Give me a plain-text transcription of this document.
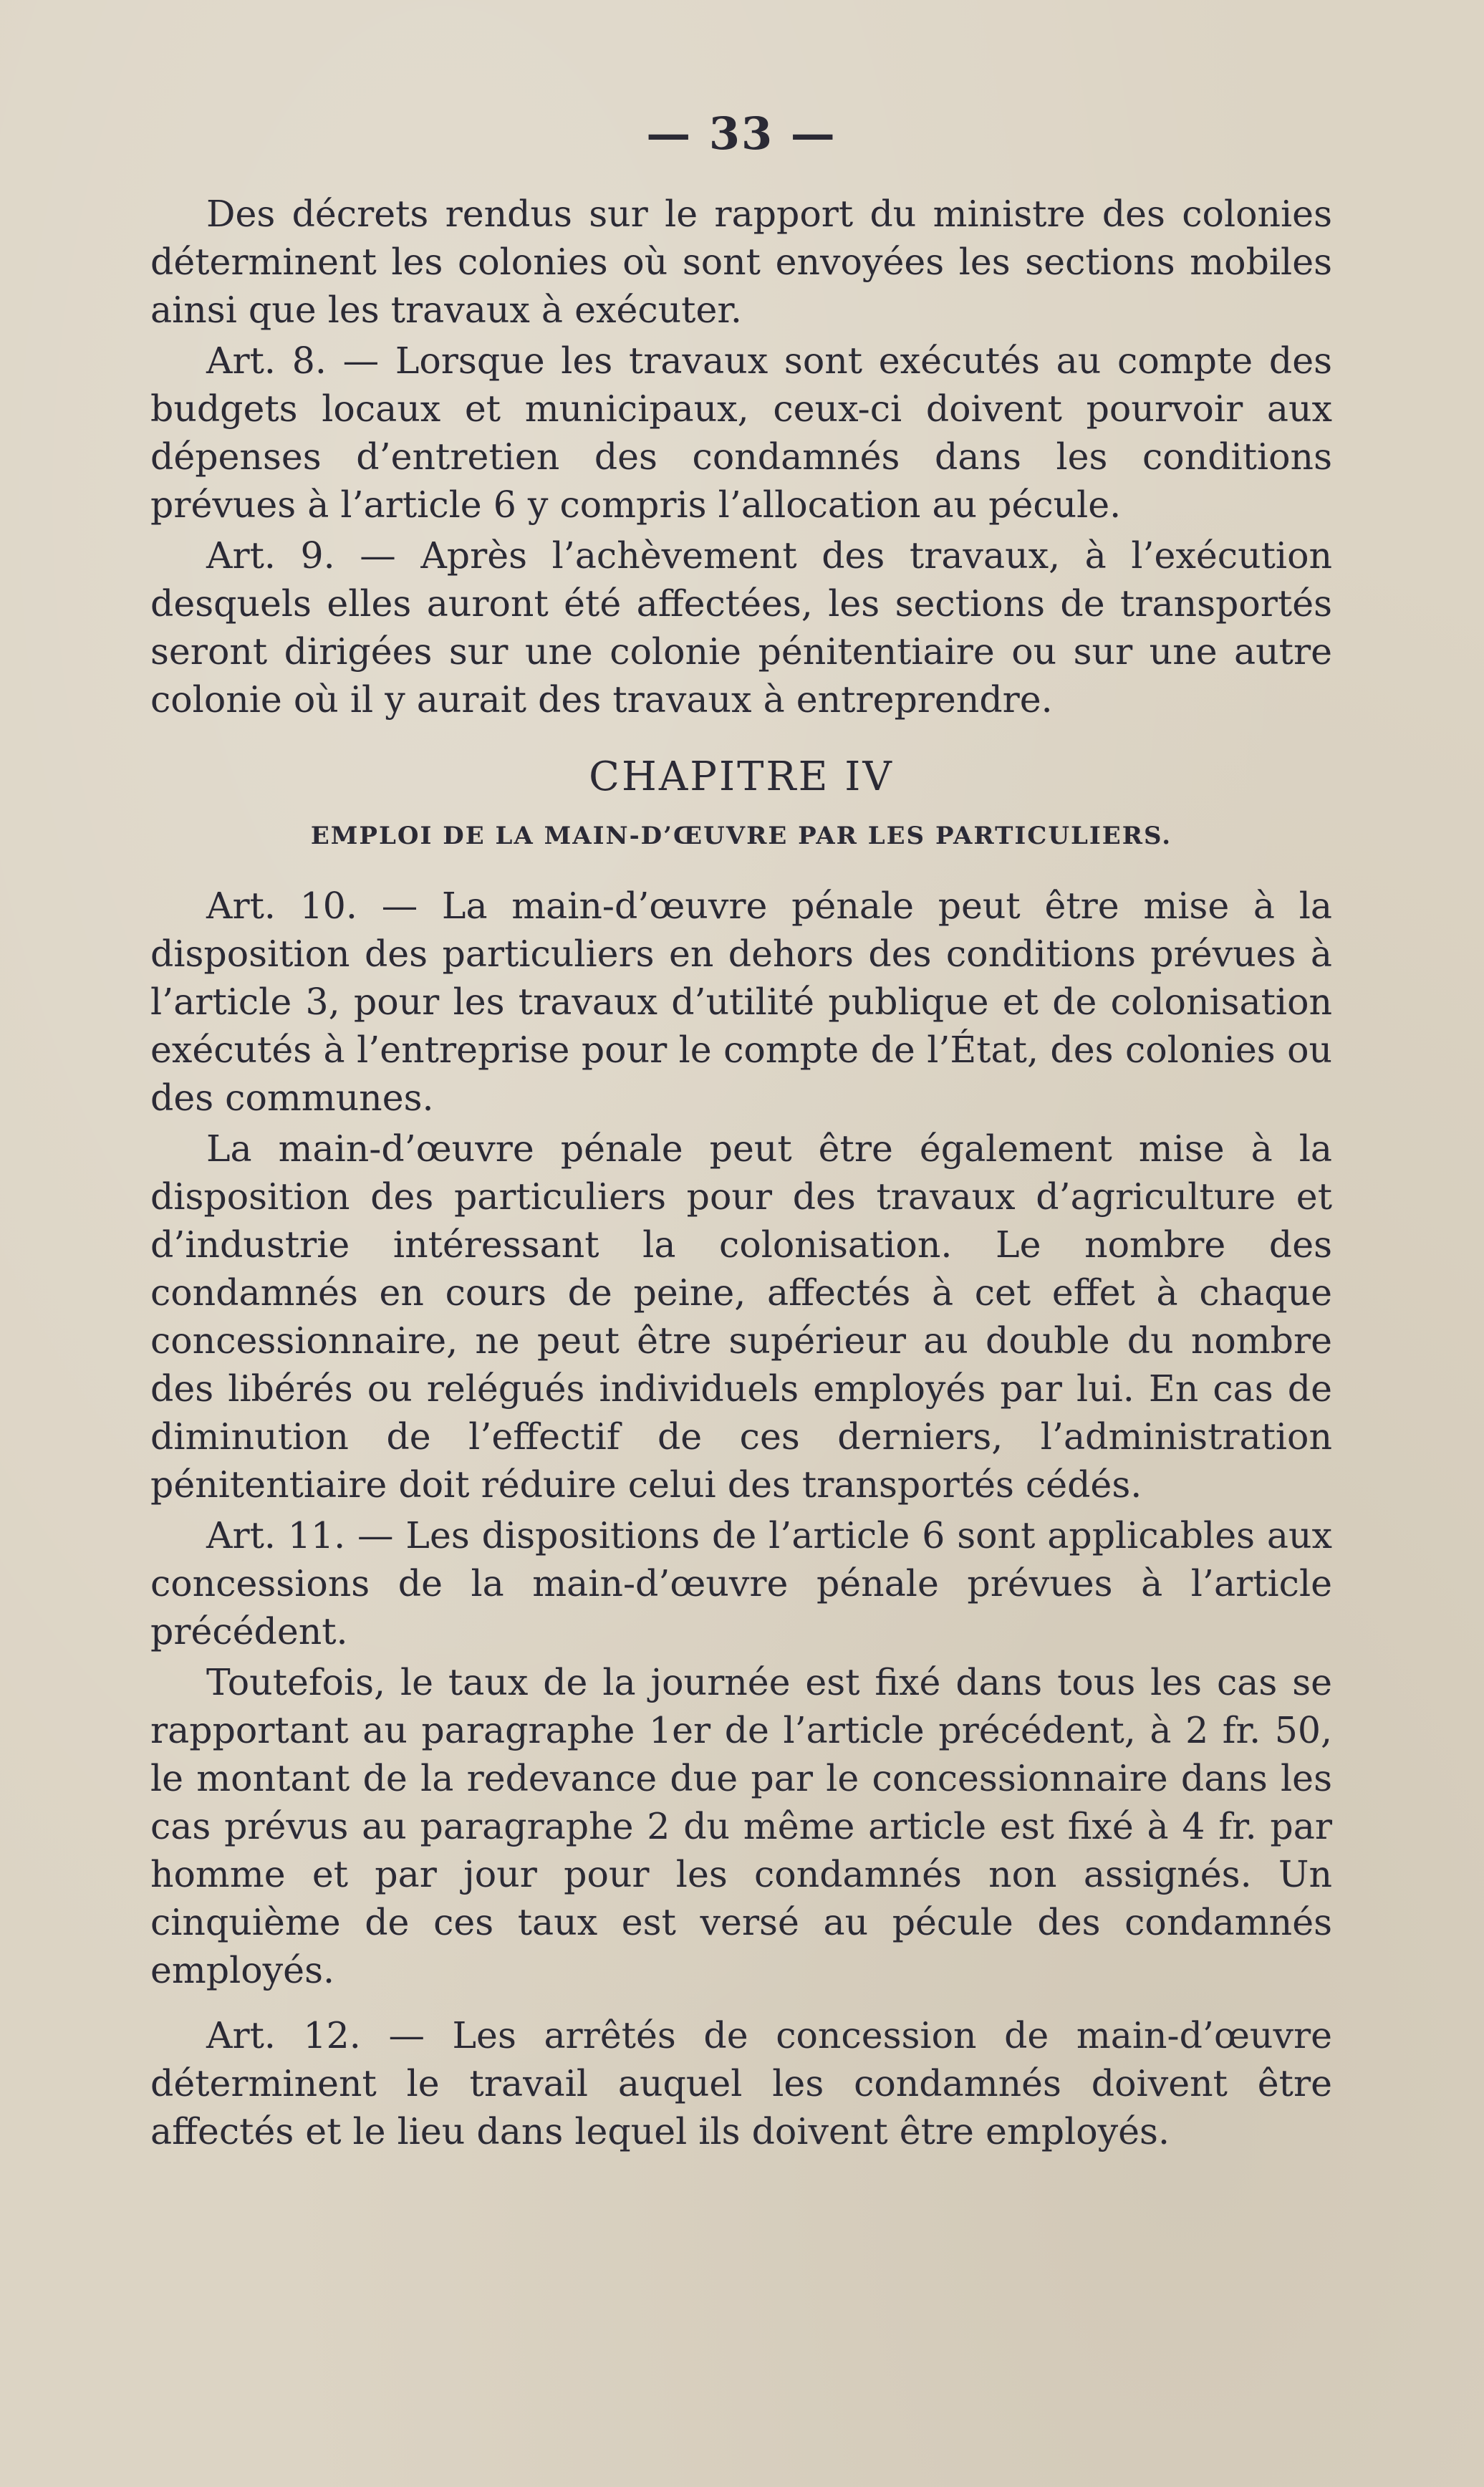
— 33 —

Des décrets rendus sur le rapport du ministre des colonies déterminent les colonies où sont envoyées les sections mobiles ainsi que les travaux à exécuter.

Art. 8. — Lorsque les travaux sont exécutés au compte des budgets locaux et municipaux, ceux-ci doivent pourvoir aux dépenses d’entretien des condamnés dans les conditions prévues à l’article 6 y compris l’allocation au pécule.

Art. 9. — Après l’achèvement des travaux, à l’exécution desquels elles auront été affectées, les sections de transportés seront dirigées sur une colonie pénitentiaire ou sur une autre colonie où il y aurait des travaux à entreprendre.

CHAPITRE IV
EMPLOI DE LA MAIN-D’ŒUVRE PAR LES PARTICULIERS.

Art. 10. — La main-d’œuvre pénale peut être mise à la disposition des particuliers en dehors des conditions prévues à l’article 3, pour les travaux d’utilité publique et de colonisation exécutés à l’entreprise pour le compte de l’État, des colonies ou des communes.

La main-d’œuvre pénale peut être également mise à la disposition des particuliers pour des travaux d’agriculture et d’industrie intéressant la colonisation. Le nombre des condamnés en cours de peine, affectés à cet effet à chaque concessionnaire, ne peut être supérieur au double du nombre des libérés ou relégués individuels employés par lui. En cas de diminution de l’effectif de ces derniers, l’administration pénitentiaire doit réduire celui des transportés cédés.

Art. 11. — Les dispositions de l’article 6 sont applicables aux concessions de la main-d’œuvre pénale prévues à l’article précédent.

Toutefois, le taux de la journée est fixé dans tous les cas se rapportant au paragraphe 1er de l’article précédent, à 2 fr. 50, le montant de la redevance due par le concessionnaire dans les cas prévus au paragraphe 2 du même article est fixé à 4 fr. par homme et par jour pour les condamnés non assignés. Un cinquième de ces taux est versé au pécule des condamnés employés.

Art. 12. — Les arrêtés de concession de main-d’œuvre déterminent le travail auquel les condamnés doivent être affectés et le lieu dans lequel ils doivent être employés.
